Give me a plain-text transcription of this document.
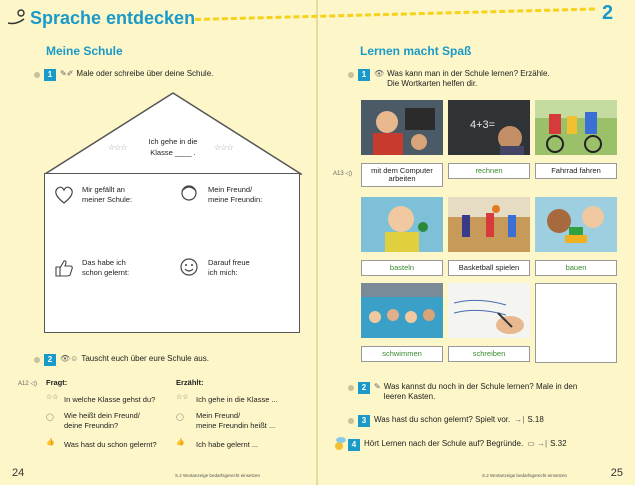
Sprache entdecken	2
Meine Schule
1 ✎✐ Male oder schreibe über deine Schule.
☆☆☆	☆☆☆
Ich gehe in die
Klasse ____ .
Mir gefällt an
meiner Schule:
Mein Freund/
meine Freundin:
Das habe ich
schon gelernt:
Darauf freue
ich mich:
2 👁☺ Tauscht euch über eure Schule aus.
A12 ◁) Fragt:	Erzählt:
☆☆ In welche Klasse gehst du?	☆☆ Ich gehe in die Klasse ...
◯	Wie heißt dein Freund/
deine Freundin?
◯	Mein Freund/
meine Freundin heißt ...
👍	Was hast du schon gelernt?	👍	Ich habe gelernt ...
24	S.2 Wortanzeige bedarfsgerecht einsetzen
Lernen macht Spaß
1 👁 Was kann man in der Schule lernen? Erzähle.
Die Wortkarten helfen dir.
4+3=
A13 ◁)	mit dem Computer arbeiten
rechnen	Fahrrad fahren
basteln	Basketball spielen	bauen
schwimmen	schreiben
2 ✎ Was kannst du noch in der Schule lernen? Male in den
leeren Kasten.
3 Was hast du schon gelernt? Spielt vor. →| S.18
4 Hört Lernen nach der Schule auf? Begründe. ▭ →| S.32
25
S.2 Wortanzeige bedarfsgerecht einsetzen
